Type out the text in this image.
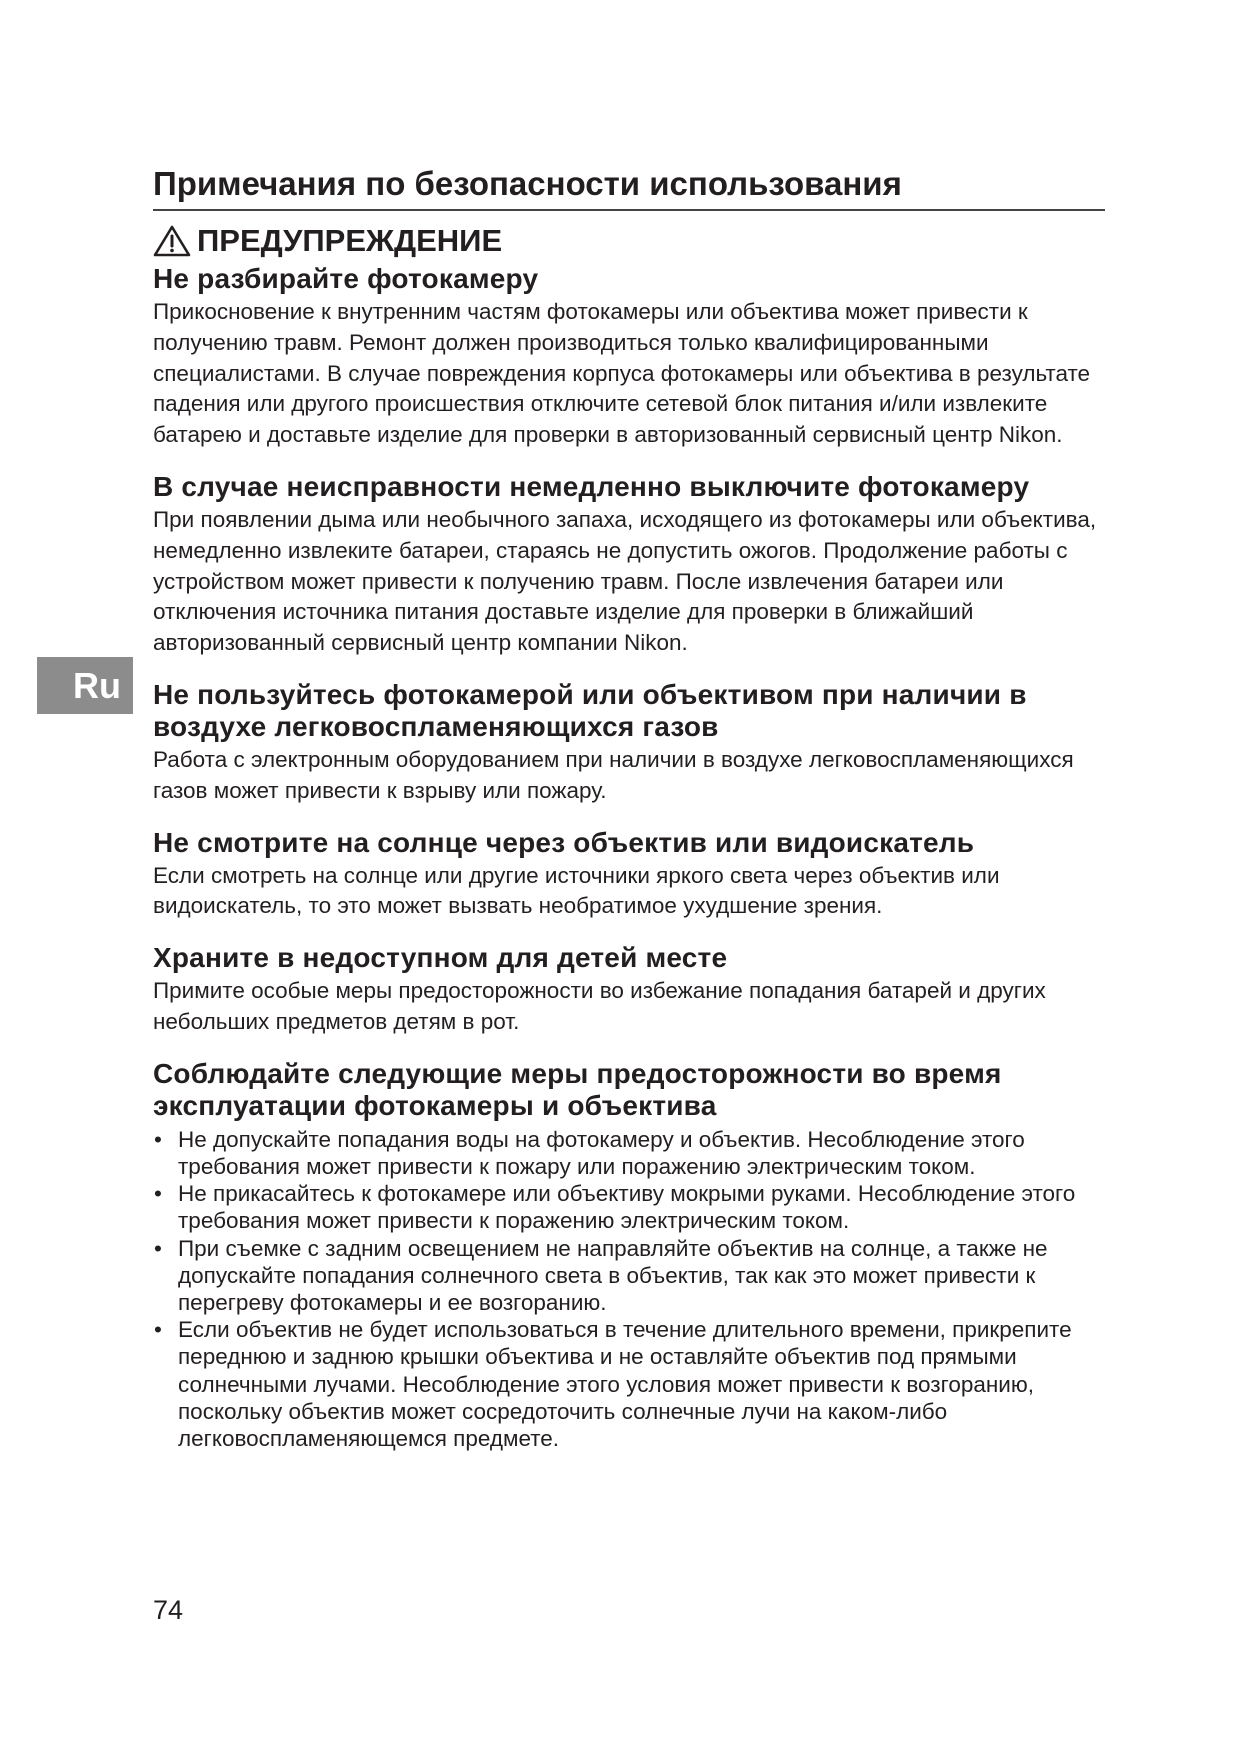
Примечания по безопасности использования
ПРЕДУПРЕЖДЕНИЕ
Не разбирайте фотокамеру

Прикосновение к внутренним частям фотокамеры или объектива может привести к получению травм. Ремонт должен производиться только квалифицированными специалистами. В случае повреждения корпуса фотокамеры или объектива в результате падения или другого происшествия отключите сетевой блок питания и/или извлеките батарею и доставьте изделие для проверки в авторизованный сервисный центр Nikon.

В случае неисправности немедленно выключите фотокамеру

При появлении дыма или необычного запаха, исходящего из фотокамеры или объектива, немедленно извлеките батареи, стараясь не допустить ожогов. Продолжение работы с устройством может привести к получению травм. После извлечения батареи или отключения источника питания доставьте изделие для проверки в ближайший авторизованный сервисный центр компании Nikon.

Не пользуйтесь фотокамерой или объективом при наличии в воздухе легковоспламеняющихся газов

Работа с электронным оборудованием при наличии в воздухе легковоспламеняющихся газов может привести к взрыву или пожару.

Не смотрите на солнце через объектив или видоискатель

Если смотреть на солнце или другие источники яркого света через объектив или видоискатель, то это может вызвать необратимое ухудшение зрения.

Храните в недоступном для детей месте

Примите особые меры предосторожности во избежание попадания батарей и других небольших предметов детям в рот.

Соблюдайте следующие меры предосторожности во время эксплуатации фотокамеры и объектива
• Не допускайте попадания воды на фотокамеру и объектив. Несоблюдение этого требования может привести к пожару или поражению электрическим током.
• Не прикасайтесь к фотокамере или объективу мокрыми руками. Несоблюдение этого требования может привести к поражению электрическим током.
• При съемке с задним освещением не направляйте объектив на солнце, а также не допускайте попадания солнечного света в объектив, так как это может привести к перегреву фотокамеры и ее возгоранию.
• Если объектив не будет использоваться в течение длительного времени, прикрепите переднюю и заднюю крышки объектива и не оставляйте объектив под прямыми солнечными лучами. Несоблюдение этого условия может привести к возгоранию, поскольку объектив может сосредоточить солнечные лучи на каком-либо легковоспламеняющемся предмете.
Ru
74
